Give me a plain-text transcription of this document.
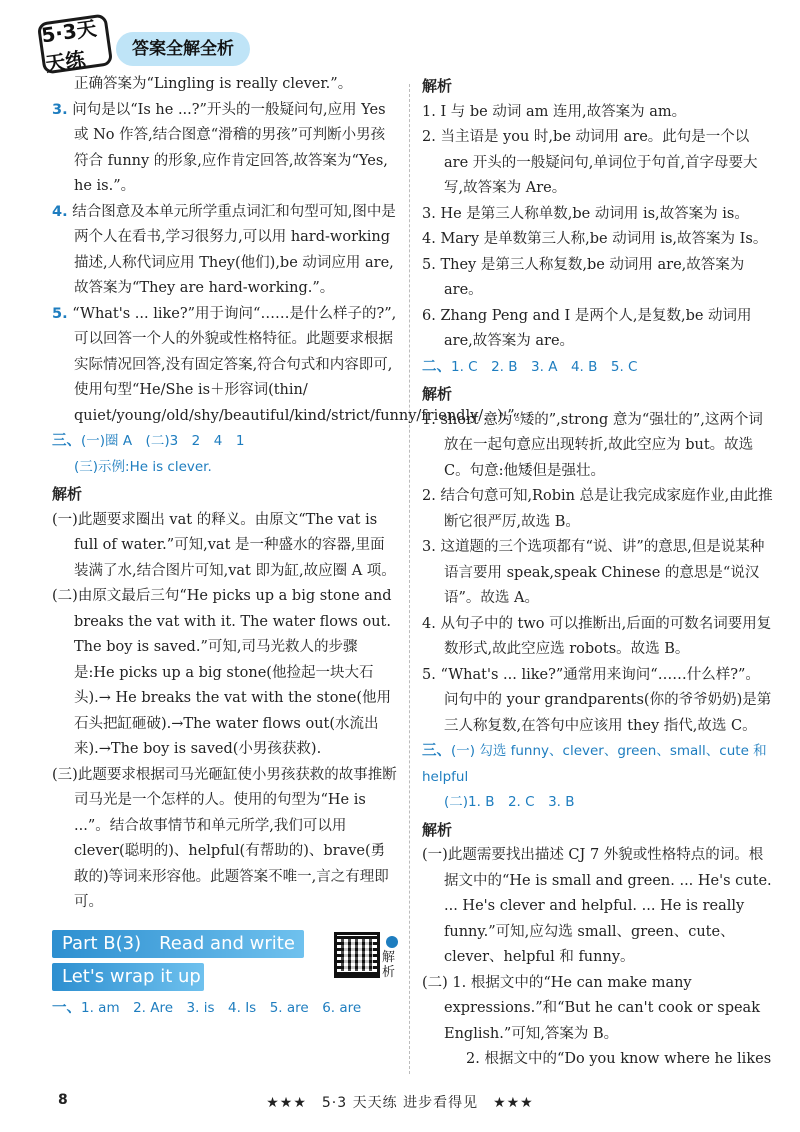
5·3天天练	答案全解全析

正确答案为“Lingling is really clever.”。

3. 问句是以“Is he ...?”开头的一般疑问句,应用 Yes 或 No 作答,结合图意“滑稽的男孩”可判断小男孩符合 funny 的形象,应作肯定回答,故答案为“Yes, he is.”。

4. 结合图意及本单元所学重点词汇和句型可知,图中是两个人在看书,学习很努力,可以用 hard-working 描述,人称代词应用 They(他们),be 动词应用 are,故答案为“They are hard-working.”。

5. “What's ... like?”用于询问“……是什么样子的?”,可以回答一个人的外貌或性格特征。此题要求根据实际情况回答,没有固定答案,符合句式和内容即可,使用句型“He/She is＋形容词(thin/ quiet/young/old/shy/beautiful/kind/strict/funny/friendly/...).”。

三、(一)圈 A　(二)3　2　4　1

(三)示例:He is clever.

解析

(一)此题要求圈出 vat 的释义。由原文“The vat is full of water.”可知,vat 是一种盛水的容器,里面装满了水,结合图片可知,vat 即为缸,故应圈 A 项。

(二)由原文最后三句“He picks up a big stone and breaks the vat with it. The water flows out. The boy is saved.”可知,司马光救人的步骤是:He picks up a big stone(他捡起一块大石头).→ He breaks the vat with the stone(他用石头把缸砸破).→The water flows out(水流出来).→The boy is saved(小男孩获救).

(三)此题要求根据司马光砸缸使小男孩获救的故事推断司马光是一个怎样的人。使用的句型为“He is ...”。结合故事情节和单元所学,我们可以用 clever(聪明的)、helpful(有帮助的)、brave(勇敢的)等词来形容他。此题答案不唯一,言之有理即可。

Part B(3)　Read and write
Let's wrap it up
解析

一、1. am　2. Are　3. is　4. Is　5. are　6. are

解析

1. I 与 be 动词 am 连用,故答案为 am。

2. 当主语是 you 时,be 动词用 are。此句是一个以 are 开头的一般疑问句,单词位于句首,首字母要大写,故答案为 Are。

3. He 是第三人称单数,be 动词用 is,故答案为 is。

4. Mary 是单数第三人称,be 动词用 is,故答案为 Is。

5. They 是第三人称复数,be 动词用 are,故答案为 are。

6. Zhang Peng and I 是两个人,是复数,be 动词用 are,故答案为 are。

二、1. C　2. B　3. A　4. B　5. C

解析

1. short 意为“矮的”,strong 意为“强壮的”,这两个词放在一起句意应出现转折,故此空应为 but。故选 C。句意:他矮但是强壮。

2. 结合句意可知,Robin 总是让我完成家庭作业,由此推断它很严厉,故选 B。

3. 这道题的三个选项都有“说、讲”的意思,但是说某种语言要用 speak,speak Chinese 的意思是“说汉语”。故选 A。

4. 从句子中的 two 可以推断出,后面的可数名词要用复数形式,故此空应选 robots。故选 B。

5. “What's ... like?”通常用来询问“……什么样?”。问句中的 your grandparents(你的爷爷奶奶)是第三人称复数,在答句中应该用 they 指代,故选 C。

三、(一) 勾选 funny、clever、green、small、cute 和 helpful

(二)1. B　2. C　3. B

解析

(一)此题需要找出描述 CJ 7 外貌或性格特点的词。根据文中的“He is small and green. ... He's cute. ... He's clever and helpful. ... He is really funny.”可知,应勾选 small、green、cute、clever、helpful 和 funny。

(二) 1. 根据文中的“He can make many expressions.”和“But he can't cook or speak English.”可知,答案为 B。

2. 根据文中的“Do you know where he likes

8	★★★　5·3 天天练 进步看得见　★★★
